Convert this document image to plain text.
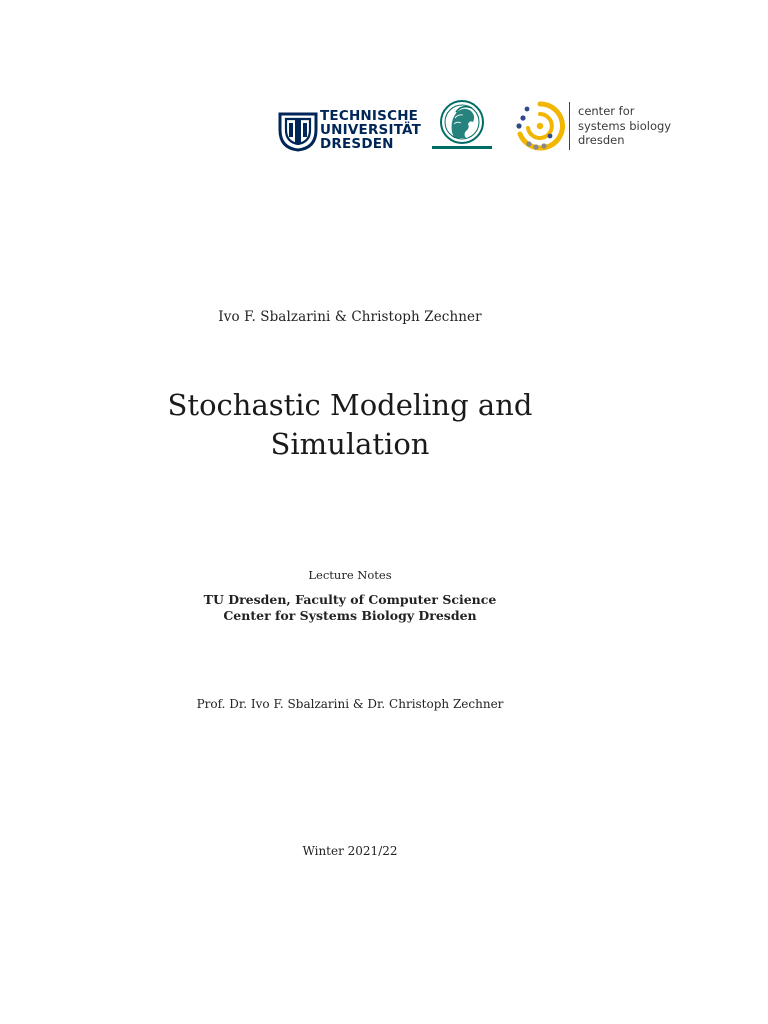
TECHNISCHE
UNIVERSITÄT
DRESDEN
center for
systems biology
dresden
Ivo F. Sbalzarini & Christoph Zechner
Stochastic Modeling and
Simulation
Lecture Notes
TU Dresden, Faculty of Computer Science
Center for Systems Biology Dresden
Prof. Dr. Ivo F. Sbalzarini & Dr. Christoph Zechner
Winter 2021/22
